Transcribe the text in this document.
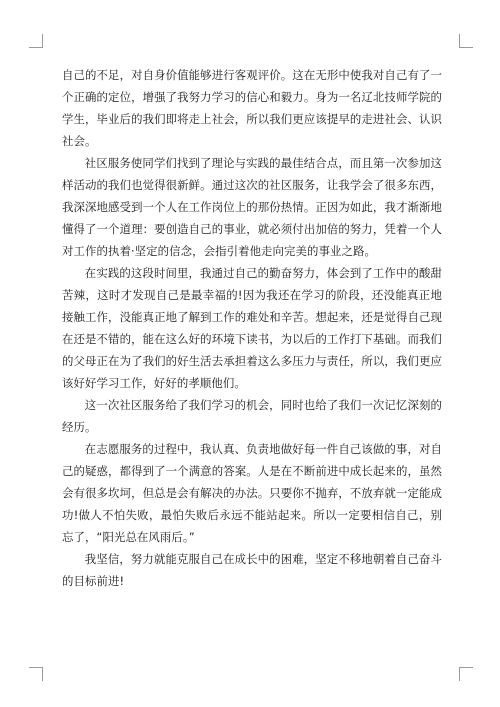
自己的不足，对自身价值能够进行客观评价。这在无形中使我对自己有了一个正确的定位，增强了我努力学习的信心和毅力。身为一名辽北技师学院的学生，毕业后的我们即将走上社会，所以我们更应该提早的走进社会、认识社会。

社区服务使同学们找到了理论与实践的最佳结合点，而且第一次参加这样活动的我们也觉得很新鲜。通过这次的社区服务，让我学会了很多东西，我深深地感受到一个人在工作岗位上的那份热情。正因为如此，我才渐渐地懂得了一个道理：要创造自己的事业，就必须付出加倍的努力，凭着一个人对工作的执着·坚定的信念，会指引着他走向完美的事业之路。

在实践的这段时间里，我通过自己的勤奋努力，体会到了工作中的酸甜苦辣，这时才发现自己是最幸福的!因为我还在学习的阶段，还没能真正地接触工作，没能真正地了解到工作的难处和辛苦。想起来，还是觉得自己现在还是不错的，能在这么好的环境下读书，为以后的工作打下基础。而我们的父母正在为了我们的好生活去承担着这么多压力与责任，所以，我们更应该好好学习工作，好好的孝顺他们。

这一次社区服务给了我们学习的机会，同时也给了我们一次记忆深刻的经历。

在志愿服务的过程中，我认真、负责地做好每一件自己该做的事，对自己的疑惑，都得到了一个满意的答案。人是在不断前进中成长起来的，虽然会有很多坎坷，但总是会有解决的办法。只要你不抛弃，不放弃就一定能成功!做人不怕失败，最怕失败后永远不能站起来。所以一定要相信自己，别忘了，“阳光总在风雨后。”

我坚信，努力就能克服自己在成长中的困难，坚定不移地朝着自己奋斗的目标前进!
